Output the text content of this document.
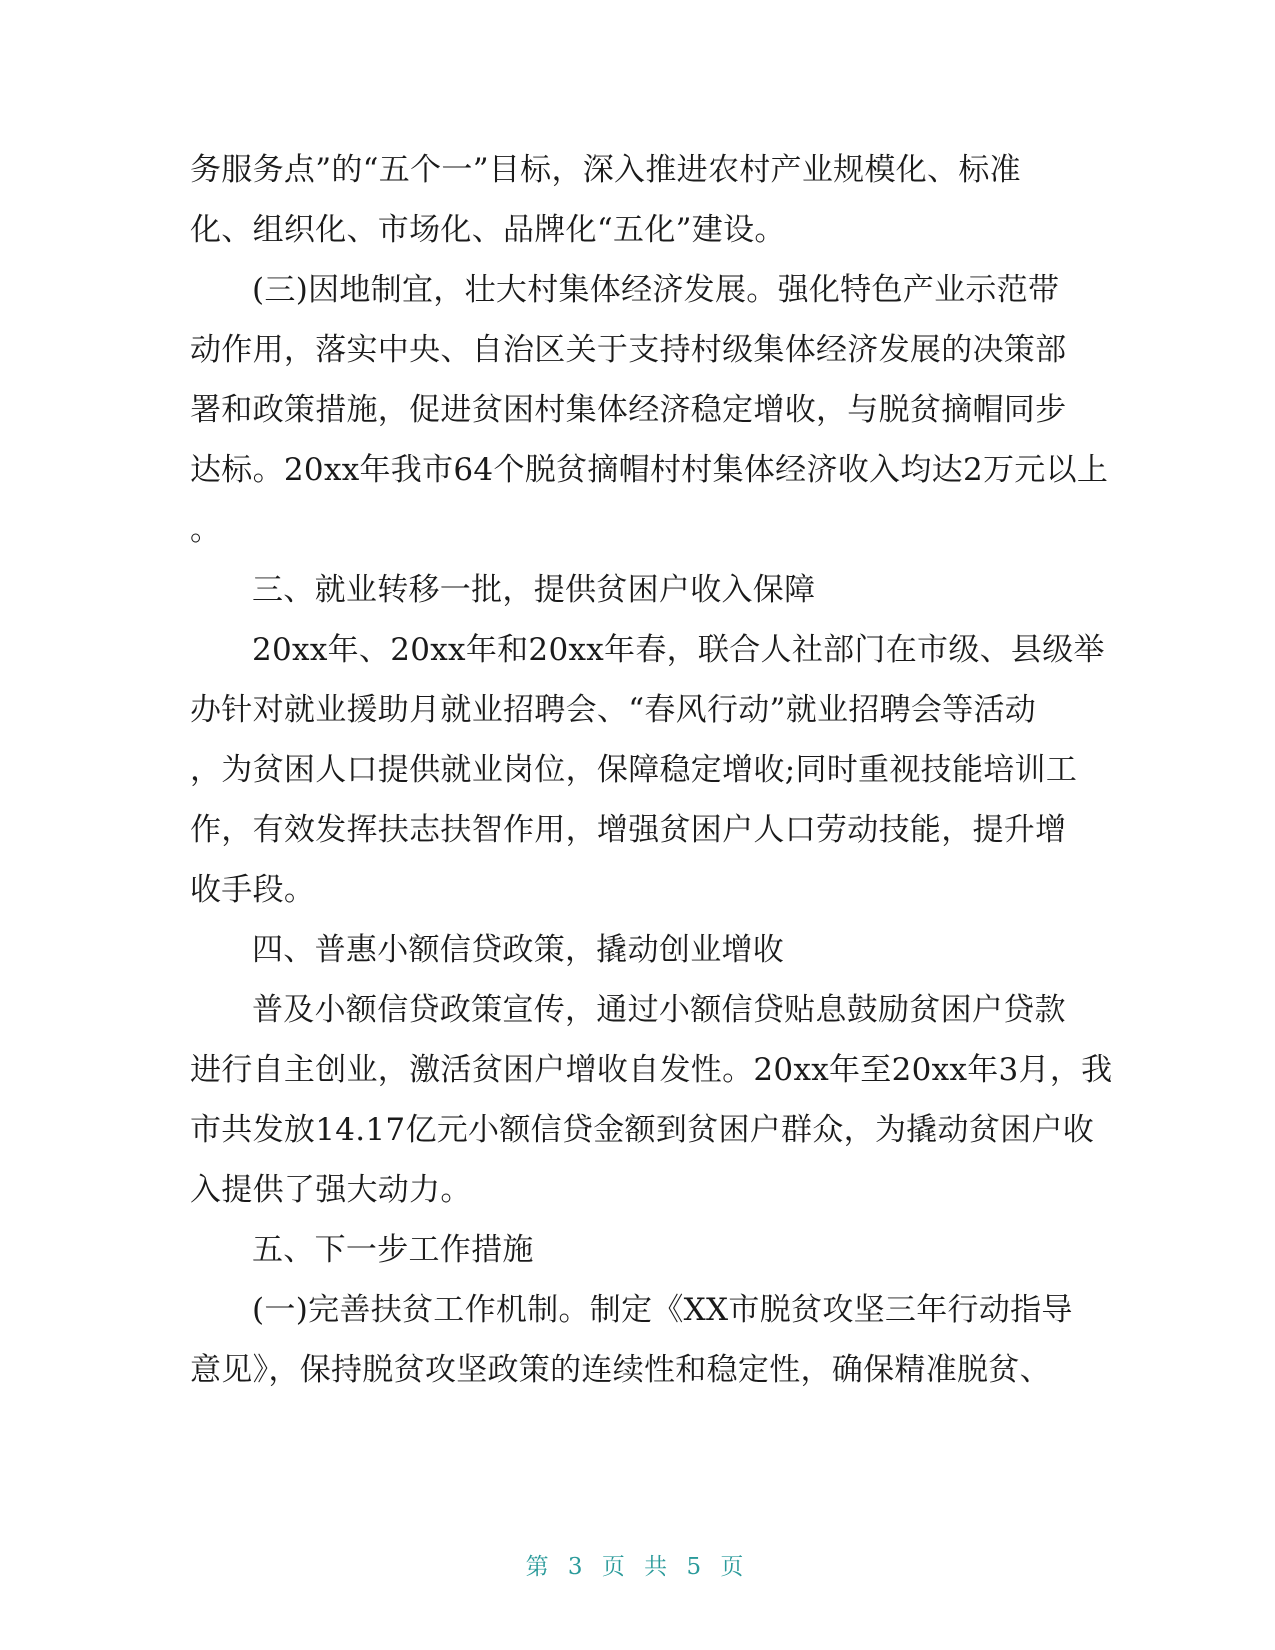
务服务点”的“五个一”目标，深入推进农村产业规模化、标准
化、组织化、市场化、品牌化“五化”建设。
(三)因地制宜，壮大村集体经济发展。强化特色产业示范带
动作用，落实中央、自治区关于支持村级集体经济发展的决策部
署和政策措施，促进贫困村集体经济稳定增收，与脱贫摘帽同步
达标。20xx年我市64个脱贫摘帽村村集体经济收入均达2万元以上
。
三、就业转移一批，提供贫困户收入保障
20xx年、20xx年和20xx年春，联合人社部门在市级、县级举
办针对就业援助月就业招聘会、“春风行动”就业招聘会等活动
，为贫困人口提供就业岗位，保障稳定增收;同时重视技能培训工
作，有效发挥扶志扶智作用，增强贫困户人口劳动技能，提升增
收手段。
四、普惠小额信贷政策，撬动创业增收
普及小额信贷政策宣传，通过小额信贷贴息鼓励贫困户贷款
进行自主创业，激活贫困户增收自发性。20xx年至20xx年3月，我
市共发放14.17亿元小额信贷金额到贫困户群众，为撬动贫困户收
入提供了强大动力。
五、下一步工作措施
(一)完善扶贫工作机制。制定《XX市脱贫攻坚三年行动指导
意见》，保持脱贫攻坚政策的连续性和稳定性，确保精准脱贫、
第 3 页 共 5 页
